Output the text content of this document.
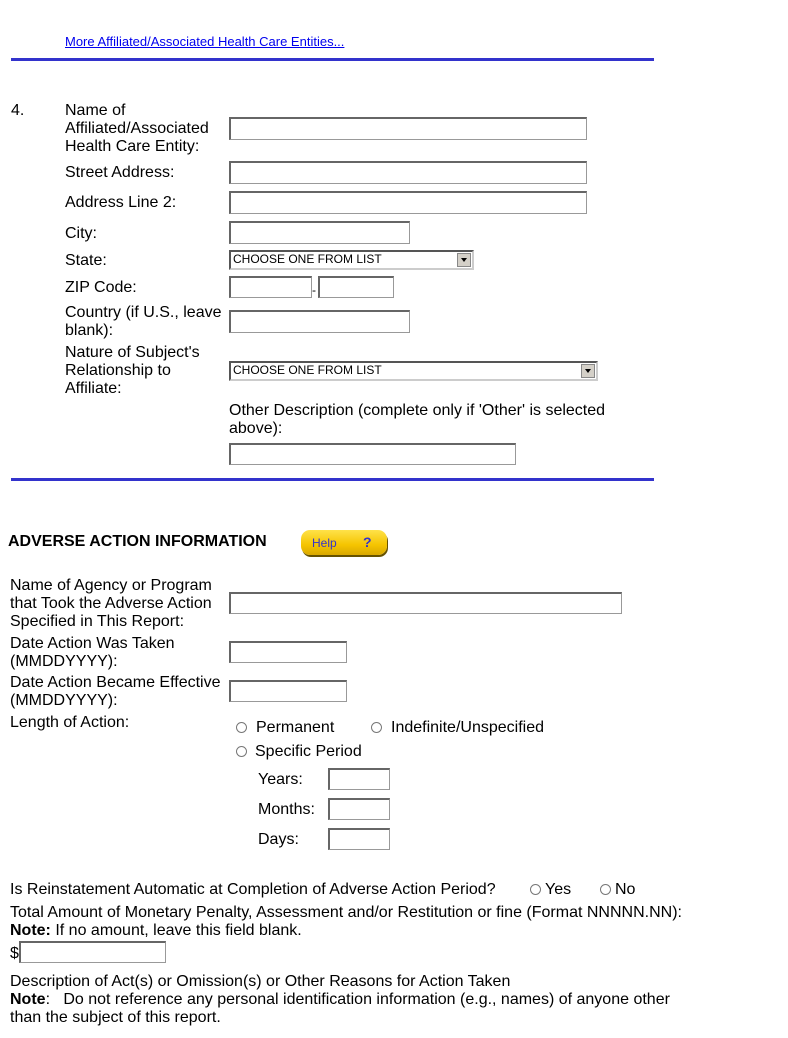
More Affiliated/Associated Health Care Entities...
4.	Name of Affiliated/Associated Health Care Entity:
Street Address:
Address Line 2:
City:
State:	CHOOSE ONE FROM LIST
ZIP Code:	-
Country (if U.S., leave blank):
Nature of Subject's Relationship to Affiliate:
CHOOSE ONE FROM LIST
Other Description (complete only if 'Other' is selected above):
ADVERSE ACTION INFORMATION	Help ?
Name of Agency or Program that Took the Adverse Action Specified in This Report:
Date Action Was Taken (MMDDYYYY):
Date Action Became Effective (MMDDYYYY):
Length of Action:	Permanent	Indefinite/Unspecified
Specific Period
Years:
Months:
Days:
Is Reinstatement Automatic at Completion of Adverse Action Period?	Yes	No
Total Amount of Monetary Penalty, Assessment and/or Restitution or fine (Format NNNNN.NN):
Note: If no amount, leave this field blank.
$
Description of Act(s) or Omission(s) or Other Reasons for Action Taken
Note:   Do not reference any personal identification information (e.g., names) of anyone other than the subject of this report.
